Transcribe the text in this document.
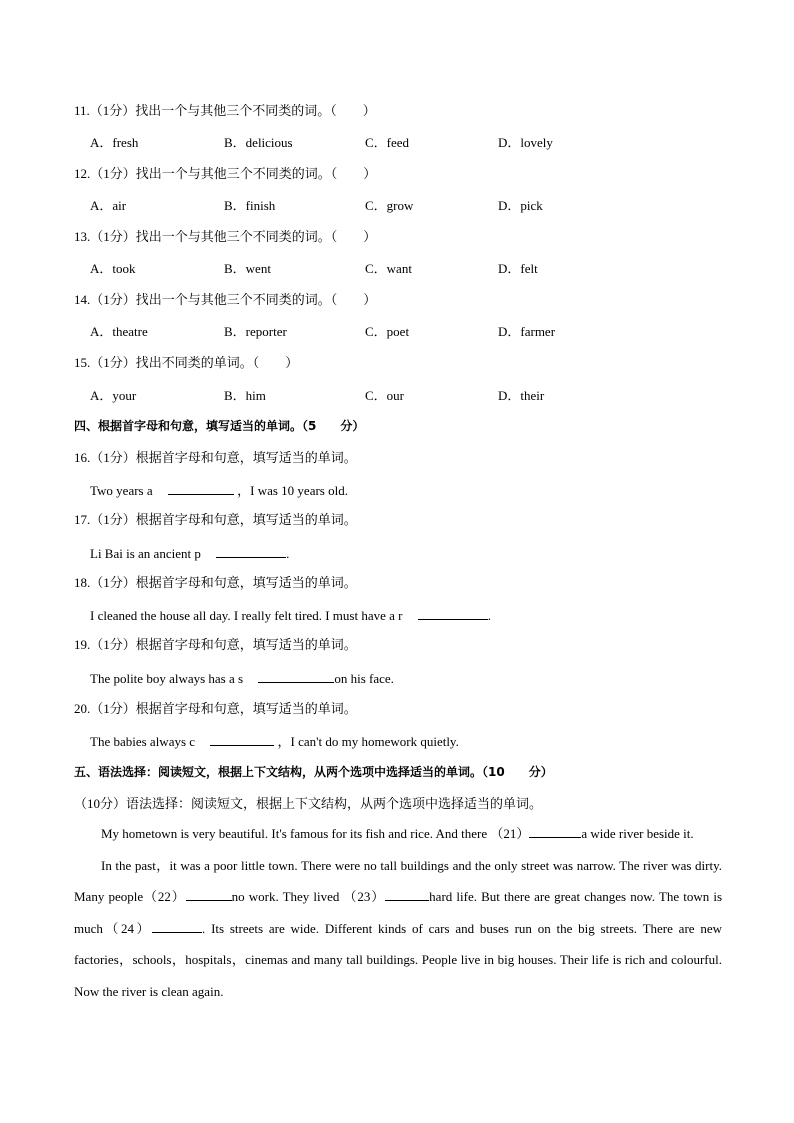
11.（1分）找出一个与其他三个不同类的词。（　　）
A．fresh	B．delicious	C．feed	D．lovely
12.（1分）找出一个与其他三个不同类的词。（　　）
A．air	B．finish	C．grow	D．pick
13.（1分）找出一个与其他三个不同类的词。（　　）
A．took	B．went	C．want	D．felt
14.（1分）找出一个与其他三个不同类的词。（　　）
A．theatre	B．reporter	C．poet	D．farmer
15.（1分）找出不同类的单词。（　　）
A．your	B．him	C．our	D．their
四、根据首字母和句意，填写适当的单词。（5　　分）
16.（1分）根据首字母和句意，填写适当的单词。
Two years a	，I was 10 years old.
17.（1分）根据首字母和句意，填写适当的单词。
Li Bai is an ancient p	.
18.（1分）根据首字母和句意，填写适当的单词。
I cleaned the house all day. I really felt tired. I must have a r	.
19.（1分）根据首字母和句意，填写适当的单词。
The polite boy always has a s	on his face.
20.（1分）根据首字母和句意，填写适当的单词。
The babies always c	，I can't do my homework quietly.
五、语法选择：阅读短文，根据上下文结构，从两个选项中选择适当的单词。（10　　分）
（10分）语法选择：阅读短文，根据上下文结构，从两个选项中选择适当的单词。

My hometown is very beautiful. It's famous for its fish and rice. And there （21）	a wide river beside it.

In the past，it was a poor little town. There were no tall buildings and the only street was narrow. The river was dirty. Many people（22）	no work. They lived （23）	hard life. But there are great changes now. The town is much（24）	. Its streets are wide. Different kinds of cars and buses run on the big streets. There are new factories，schools，hospitals，cinemas and many tall buildings. People live in big houses. Their life is rich and colourful. Now the river is clean again.
